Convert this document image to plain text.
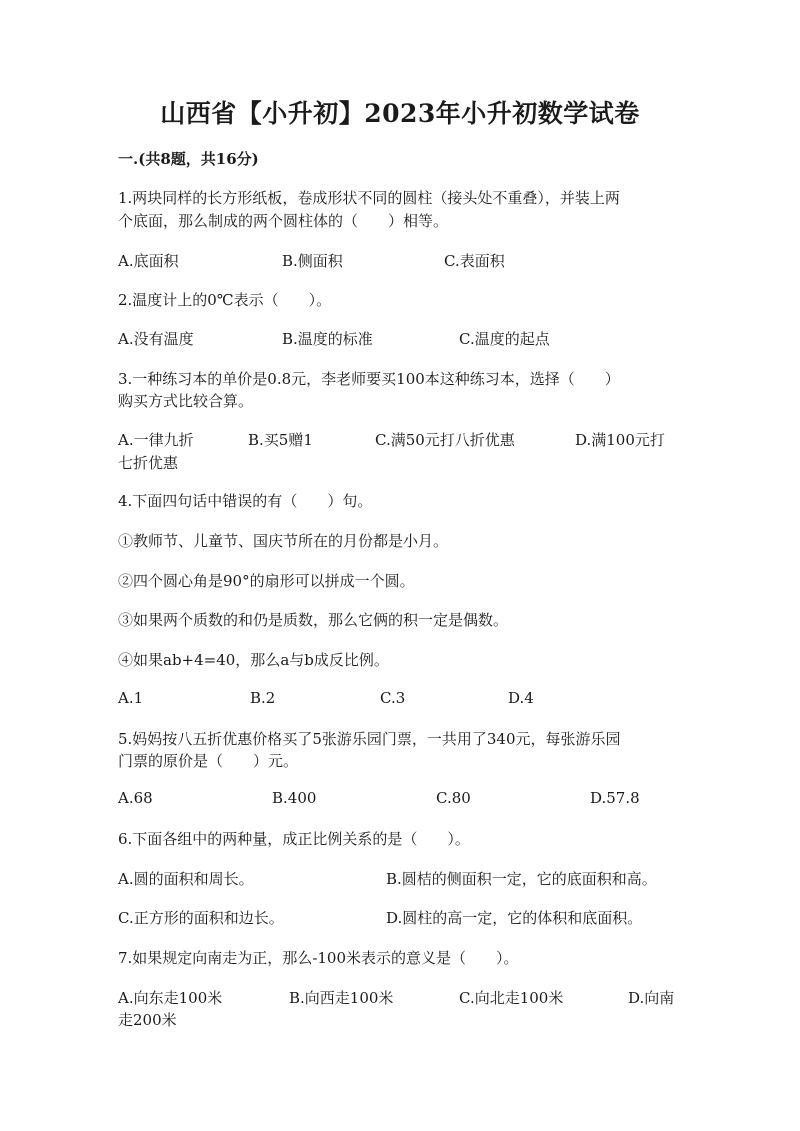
山西省【小升初】2023年小升初数学试卷
一.(共8题，共16分)
1.两块同样的长方形纸板，卷成形状不同的圆柱（接头处不重叠），并装上两
个底面，那么制成的两个圆柱体的（　　）相等。
A.底面积	B.侧面积	C.表面积
2.温度计上的0℃表示（　　）。
A.没有温度	B.温度的标准	C.温度的起点
3.一种练习本的单价是0.8元，李老师要买100本这种练习本，选择（　　）
购买方式比较合算。
A.一律九折	B.买5赠1	C.满50元打八折优惠	D.满100元打
七折优惠
4.下面四句话中错误的有（　　）句。
①教师节、儿童节、国庆节所在的月份都是小月。
②四个圆心角是90°的扇形可以拼成一个圆。
③如果两个质数的和仍是质数，那么它俩的积一定是偶数。
④如果ab+4=40，那么a与b成反比例。
A.1	B.2	C.3	D.4
5.妈妈按八五折优惠价格买了5张游乐园门票，一共用了340元，每张游乐园
门票的原价是（　　）元。
A.68	B.400	C.80	D.57.8
6.下面各组中的两种量，成正比例关系的是（　　）。
A.圆的面积和周长。	B.圆桔的侧面积一定，它的底面积和高。
C.正方形的面积和边长。	D.圆柱的高一定，它的体积和底面积。
7.如果规定向南走为正，那么-100米表示的意义是（　　）。
A.向东走100米	B.向西走100米	C.向北走100米	D.向南
走200米
